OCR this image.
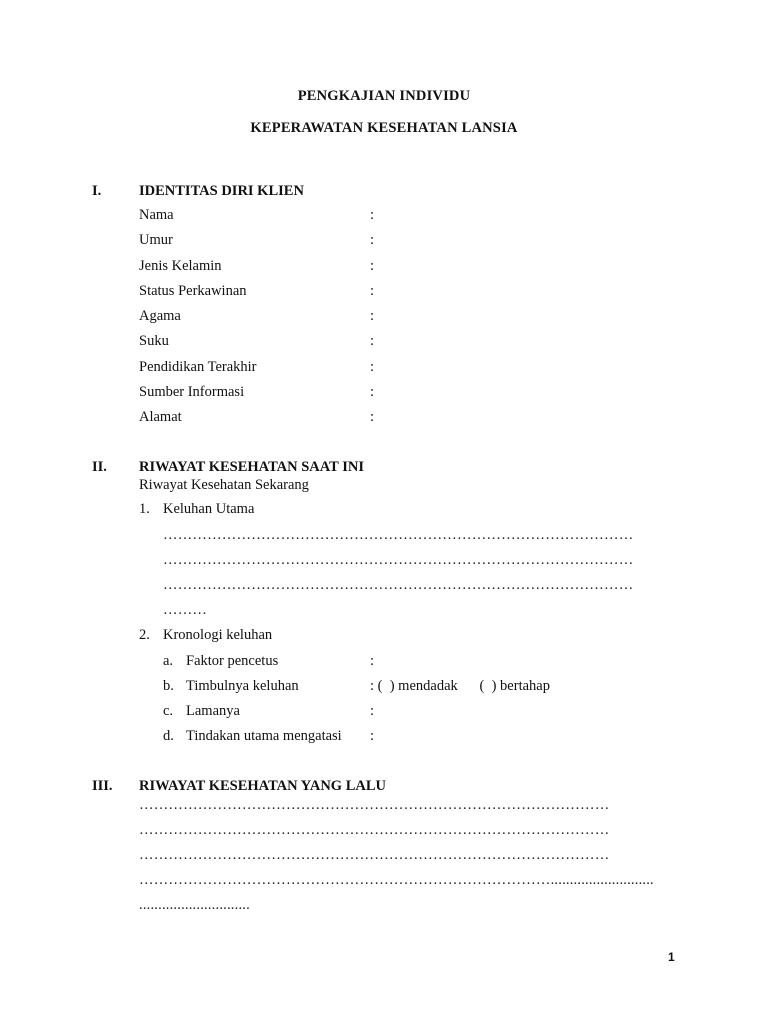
PENGKAJIAN INDIVIDU
KEPERAWATAN KESEHATAN LANSIA
I.	IDENTITAS DIRI KLIEN
Nama	:
Umur	:
Jenis Kelamin	:
Status Perkawinan	:
Agama	:
Suku	:
Pendidikan Terakhir	:
Sumber Informasi	:
Alamat	:
II. RIWAYAT KESEHATAN SAAT INI
Riwayat Kesehatan Sekarang
1. Keluhan Utama
……………………………………………………………………………………
……………………………………………………………………………………
……………………………………………………………………………………
………
2. Kronologi keluhan
a. Faktor pencetus	:
b. Timbulnya keluhan	: (  ) mendadak      (  ) bertahap
c. Lamanya	:
d. Tindakan utama mengatasi :
III. RIWAYAT KESEHATAN YANG LALU
……………………………………………………………………………………
……………………………………………………………………………………
……………………………………………………………………………………
…………………………………………………………………………...........................
.............................
1
